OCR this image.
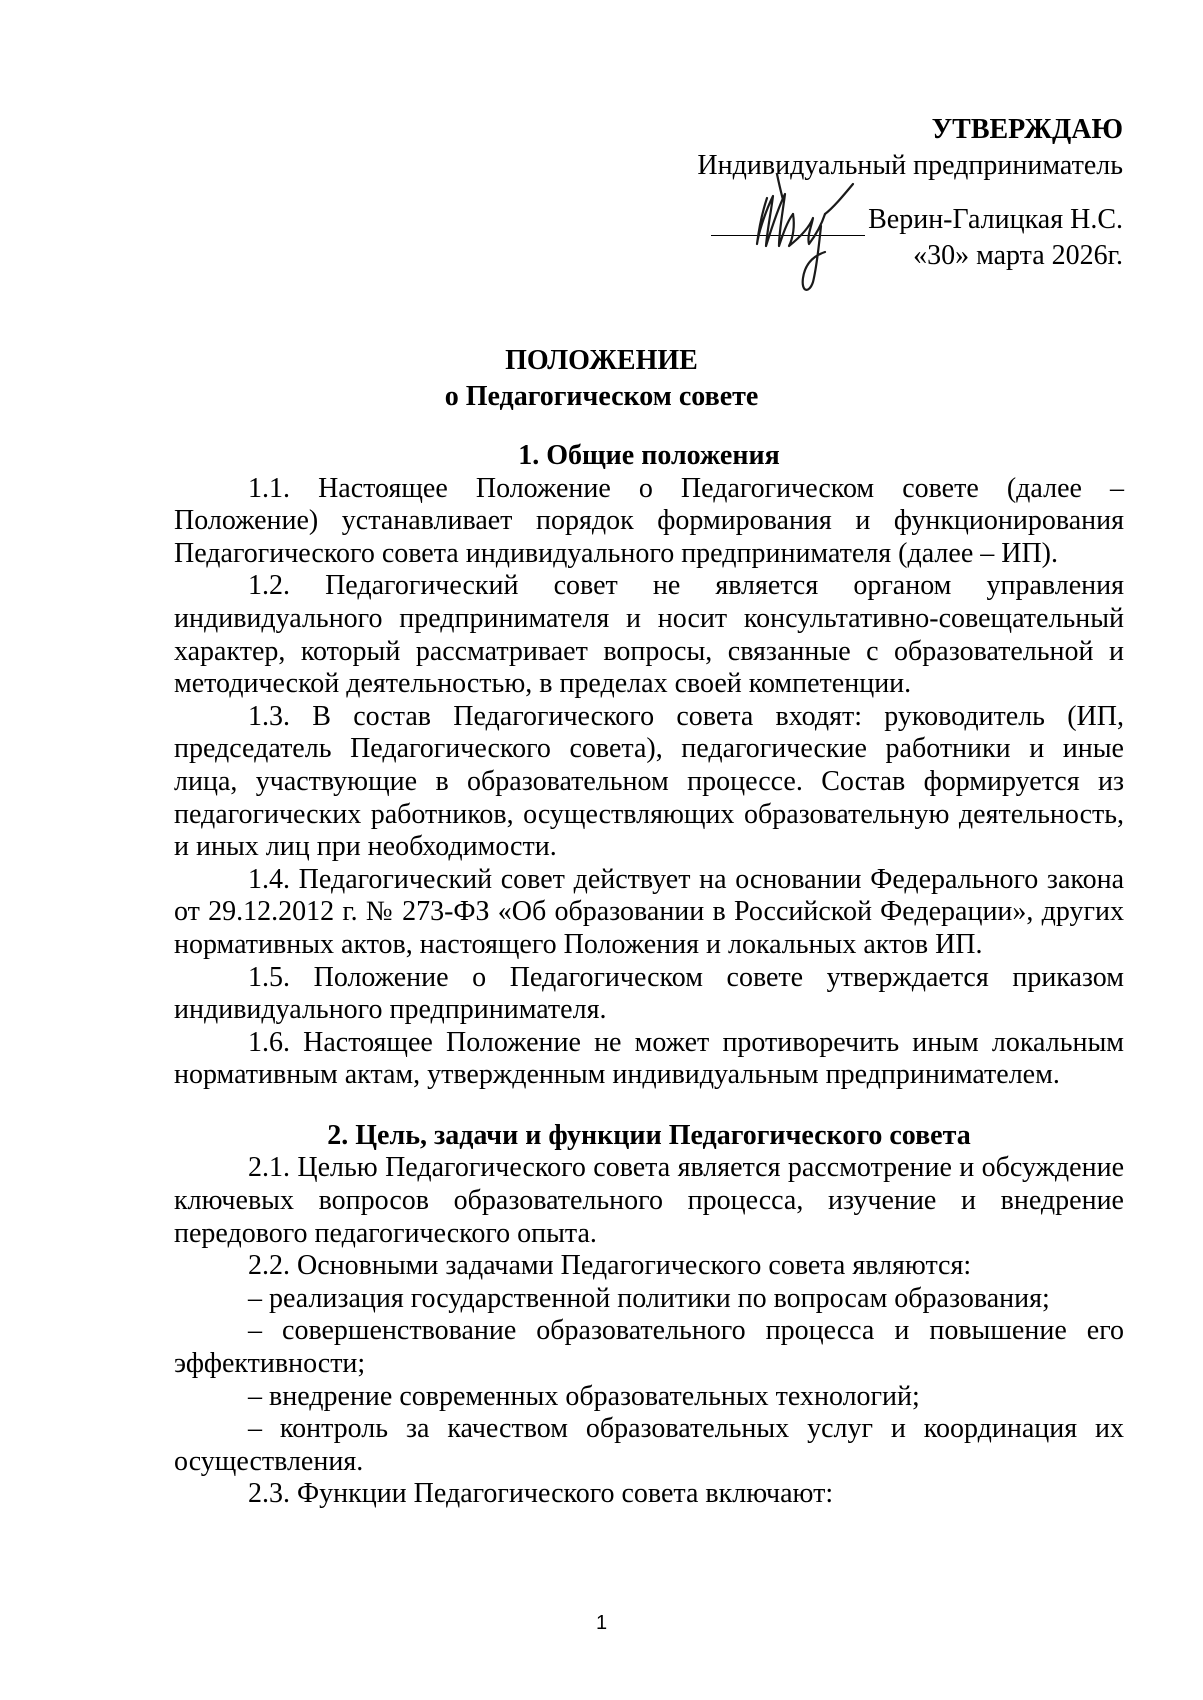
УТВЕРЖДАЮ
Индивидуальный предприниматель
Верин-Галицкая Н.С.
«30» марта 2026г.
ПОЛОЖЕНИЕ
о Педагогическом совете

1. Общие положения

1.1. Настоящее Положение о Педагогическом совете (далее – Положение) устанавливает порядок формирования и функционирования Педагогического совета индивидуального предпринимателя (далее – ИП).

1.2. Педагогический совет не является органом управления индивидуального предпринимателя и носит консультативно-совещательный характер, который рассматривает вопросы, связанные с образовательной и методической деятельностью, в пределах своей компетенции.

1.3. В состав Педагогического совета входят: руководитель (ИП, председатель Педагогического совета), педагогические работники и иные лица, участвующие в образовательном процессе. Состав формируется из педагогических работников, осуществляющих образовательную деятельность, и иных лиц при необходимости.

1.4. Педагогический совет действует на основании Федерального закона от 29.12.2012 г. № 273-ФЗ «Об образовании в Российской Федерации», других нормативных актов, настоящего Положения и локальных актов ИП.

1.5. Положение о Педагогическом совете утверждается приказом индивидуального предпринимателя.

1.6. Настоящее Положение не может противоречить иным локальным нормативным актам, утвержденным индивидуальным предпринимателем.

2. Цель, задачи и функции Педагогического совета

2.1. Целью Педагогического совета является рассмотрение и обсуждение ключевых вопросов образовательного процесса, изучение и внедрение передового педагогического опыта.

2.2. Основными задачами Педагогического совета являются:

– реализация государственной политики по вопросам образования;

– совершенствование образовательного процесса и повышение его эффективности;

– внедрение современных образовательных технологий;

– контроль за качеством образовательных услуг и координация их осуществления.

2.3. Функции Педагогического совета включают:

1
